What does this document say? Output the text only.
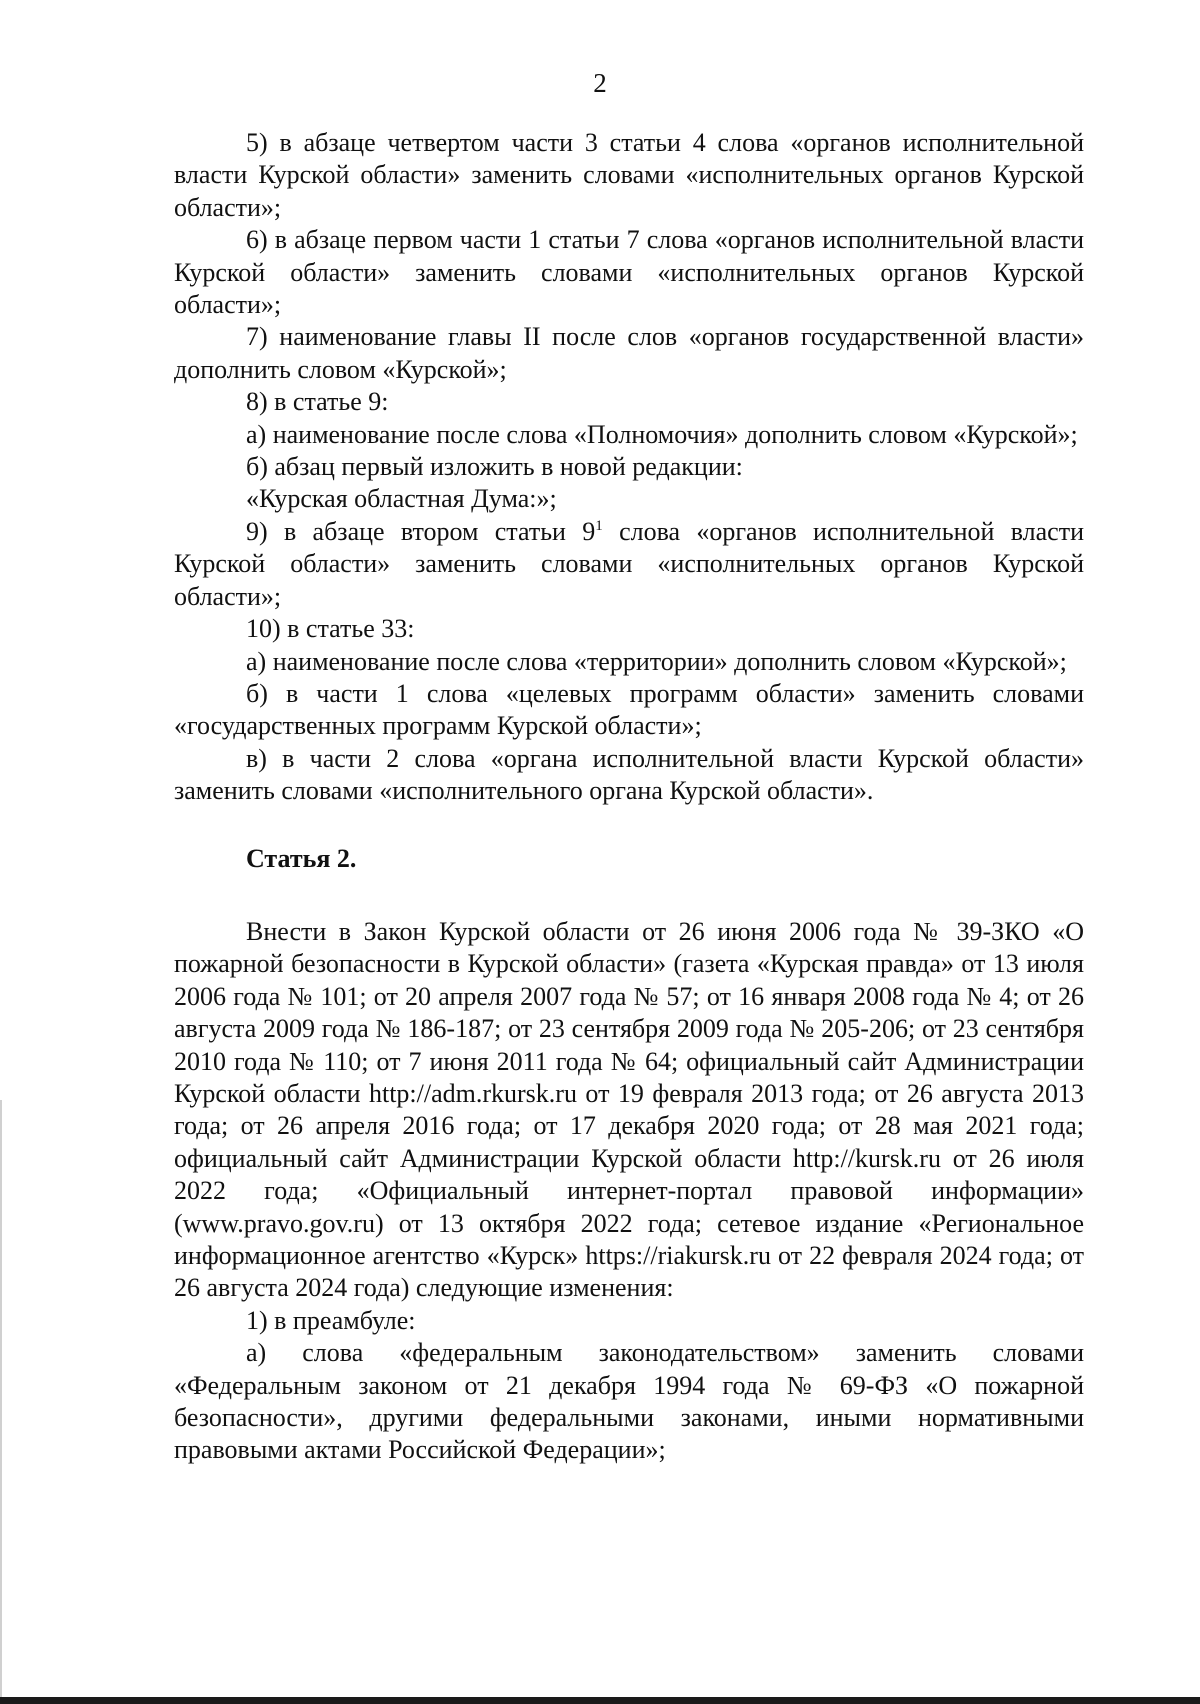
2

5) в абзаце четвертом части 3 статьи 4 слова «органов исполнительной власти Курской области» заменить словами «исполнительных органов Курской области»;

6) в абзаце первом части 1 статьи 7 слова «органов исполнительной власти Курской области» заменить словами «исполнительных органов Курской области»;

7) наименование главы II после слов «органов государственной власти» дополнить словом «Курской»;

8) в статье 9:

а) наименование после слова «Полномочия» дополнить словом «Курской»;

б) абзац первый изложить в новой редакции:

«Курская областная Дума:»;

9) в абзаце втором статьи $9^1$ слова «органов исполнительной власти Курской области» заменить словами «исполнительных органов Курской области»;

10) в статье 33:

а) наименование после слова «территории» дополнить словом «Курской»;

б) в части 1 слова «целевых программ области» заменить словами «государственных программ Курской области»;

в) в части 2 слова «органа исполнительной власти Курской области» заменить словами «исполнительного органа Курской области».

Статья 2.

Внести в Закон Курской области от 26 июня 2006 года № 39-ЗКО «О пожарной безопасности в Курской области» (газета «Курская правда» от 13 июля 2006 года № 101; от 20 апреля 2007 года № 57; от 16 января 2008 года № 4; от 26 августа 2009 года № 186-187; от 23 сентября 2009 года № 205-206; от 23 сентября 2010 года № 110; от 7 июня 2011 года № 64; официальный сайт Администрации Курской области http://adm.rkursk.ru от 19 февраля 2013 года; от 26 августа 2013 года; от 26 апреля 2016 года; от 17 декабря 2020 года; от 28 мая 2021 года; официальный сайт Администрации Курской области http://kursk.ru от 26 июля 2022 года; «Официальный интернет-портал правовой информации» (www.pravo.gov.ru) от 13 октября 2022 года; сетевое издание «Региональное информационное агентство «Курск» https://riakursk.ru от 22 февраля 2024 года; от 26 августа 2024 года) следующие изменения:

1) в преамбуле:

а) слова «федеральным законодательством» заменить словами «Федеральным законом от 21 декабря 1994 года № 69-ФЗ «О пожарной безопасности», другими федеральными законами, иными нормативными правовыми актами Российской Федерации»;
